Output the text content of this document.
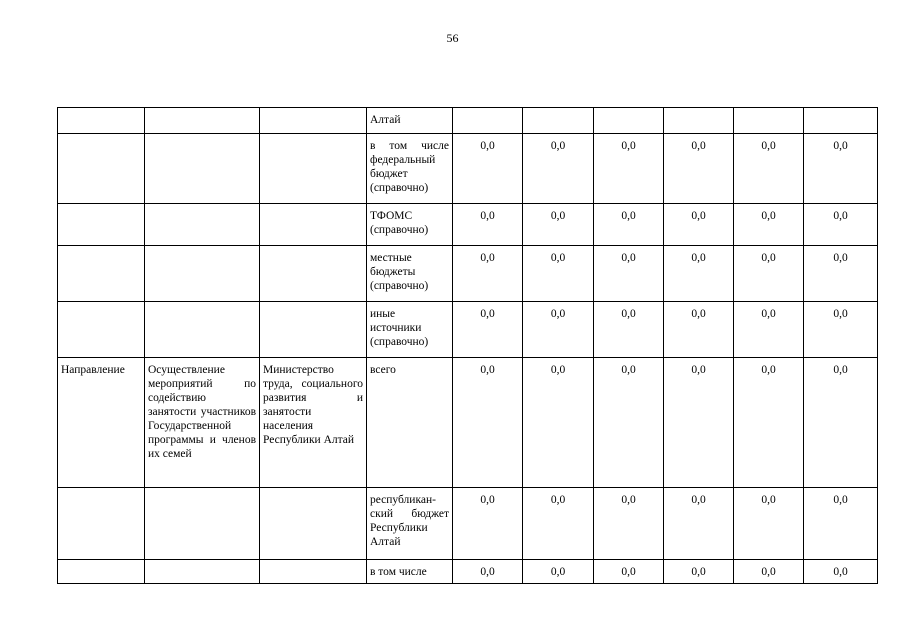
56
			Алтай						
			в том числе федеральный бюджет (справочно)	0,0	0,0	0,0	0,0	0,0	0,0
			ТФОМС (справочно)	0,0	0,0	0,0	0,0	0,0	0,0
			местные бюджеты (справочно)	0,0	0,0	0,0	0,0	0,0	0,0
			иные источники (справочно)	0,0	0,0	0,0	0,0	0,0	0,0
Направление	Осуществление мероприятий по содействию занятости участников Государственной программы и членов их семей	Министерство труда, социального развития и занятости населения Республики Алтай	всего	0,0	0,0	0,0	0,0	0,0	0,0
			республикан-ский бюджет Республики Алтай	0,0	0,0	0,0	0,0	0,0	0,0
			в том числе	0,0	0,0	0,0	0,0	0,0	0,0
